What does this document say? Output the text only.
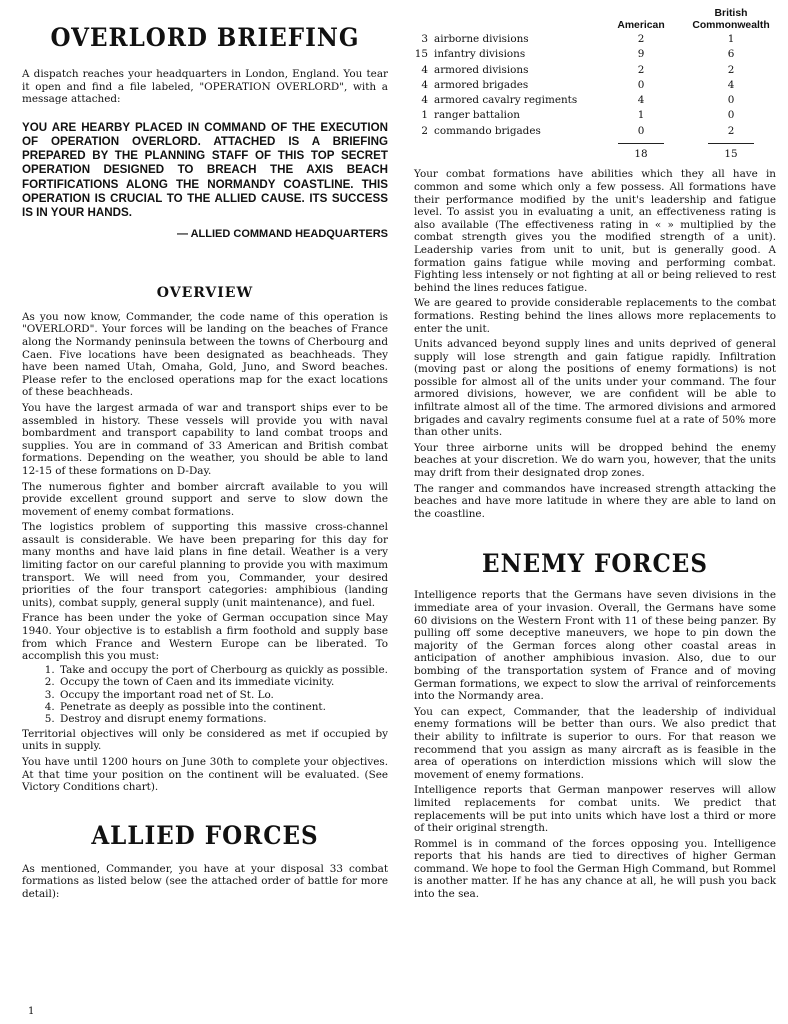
OVERLORD BRIEFING

A dispatch reaches your headquarters in London, England. You tear it open and find a file labeled, "OPERATION OVERLORD", with a message attached:

YOU ARE HEARBY PLACED IN COMMAND OF THE EXECUTION OF OPERATION OVERLORD. ATTACHED IS A BRIEFING PREPARED BY THE PLANNING STAFF OF THIS TOP SECRET OPERATION DESIGNED TO BREACH THE AXIS BEACH FORTIFICATIONS ALONG THE NORMANDY COASTLINE. THIS OPERATION IS CRUCIAL TO THE ALLIED CAUSE. ITS SUCCESS IS IN YOUR HANDS.

— ALLIED COMMAND HEADQUARTERS

OVERVIEW

As you now know, Commander, the code name of this operation is "OVERLORD". Your forces will be landing on the beaches of France along the Normandy peninsula between the towns of Cherbourg and Caen. Five locations have been designated as beachheads. They have been named Utah, Omaha, Gold, Juno, and Sword beaches. Please refer to the enclosed operations map for the exact locations of these beachheads.

You have the largest armada of war and transport ships ever to be assembled in history. These vessels will provide you with naval bombardment and transport capability to land combat troops and supplies. You are in command of 33 American and British combat formations. Depending on the weather, you should be able to land 12-15 of these formations on D-Day.

The numerous fighter and bomber aircraft available to you will provide excellent ground support and serve to slow down the movement of enemy combat formations.

The logistics problem of supporting this massive cross-channel assault is considerable. We have been preparing for this day for many months and have laid plans in fine detail. Weather is a very limiting factor on our careful planning to provide you with maximum transport. We will need from you, Commander, your desired priorities of the four transport categories: amphibious (landing units), combat supply, general supply (unit maintenance), and fuel.

France has been under the yoke of German occupation since May 1940. Your objective is to establish a firm foothold and supply base from which France and Western Europe can be liberated. To accomplish this you must:

1. Take and occupy the port of Cherbourg as quickly as possible.
2. Occupy the town of Caen and its immediate vicinity.
3. Occupy the important road net of St. Lo.
4. Penetrate as deeply as possible into the continent.
5. Destroy and disrupt enemy formations.

Territorial objectives will only be considered as met if occupied by units in supply.

You have until 1200 hours on June 30th to complete your objectives. At that time your position on the continent will be evaluated. (See Victory Conditions chart).

ALLIED FORCES

As mentioned, Commander, you have at your disposal 33 combat formations as listed below (see the attached order of battle for more detail):

1
			British
		American	Commonwealth
3	airborne divisions	2	1
15	infantry divisions	9	6
4	armored divisions	2	2
4	armored brigades	0	4
4	armored cavalry regiments	4	0
1	ranger battalion	1	0
2	commando brigades	0	2

		18	15

Your combat formations have abilities which they all have in common and some which only a few possess. All formations have their performance modified by the unit's leadership and fatigue level. To assist you in evaluating a unit, an effectiveness rating is also available (The effectiveness rating in « » multiplied by the combat strength gives you the modified strength of a unit). Leadership varies from unit to unit, but is generally good. A formation gains fatigue while moving and performing combat. Fighting less intensely or not fighting at all or being relieved to rest behind the lines reduces fatigue.

We are geared to provide considerable replacements to the combat formations. Resting behind the lines allows more replacements to enter the unit.

Units advanced beyond supply lines and units deprived of general supply will lose strength and gain fatigue rapidly. Infiltration (moving past or along the positions of enemy formations) is not possible for almost all of the units under your command. The four armored divisions, however, we are confident will be able to infiltrate almost all of the time. The armored divisions and armored brigades and cavalry regiments consume fuel at a rate of 50% more than other units.

Your three airborne units will be dropped behind the enemy beaches at your discretion. We do warn you, however, that the units may drift from their designated drop zones.

The ranger and commandos have increased strength attacking the beaches and have more latitude in where they are able to land on the coastline.

ENEMY FORCES

Intelligence reports that the Germans have seven divisions in the immediate area of your invasion. Overall, the Germans have some 60 divisions on the Western Front with 11 of these being panzer. By pulling off some deceptive maneuvers, we hope to pin down the majority of the German forces along other coastal areas in anticipation of another amphibious invasion. Also, due to our bombing of the transportation system of France and of moving German formations, we expect to slow the arrival of reinforcements into the Normandy area.

You can expect, Commander, that the leadership of individual enemy formations will be better than ours. We also predict that their ability to infiltrate is superior to ours. For that reason we recommend that you assign as many aircraft as is feasible in the area of operations on interdiction missions which will slow the movement of enemy formations.

Intelligence reports that German manpower reserves will allow limited replacements for combat units. We predict that replacements will be put into units which have lost a third or more of their original strength.

Rommel is in command of the forces opposing you. Intelligence reports that his hands are tied to directives of higher German command. We hope to fool the German High Command, but Rommel is another matter. If he has any chance at all, he will push you back into the sea.
